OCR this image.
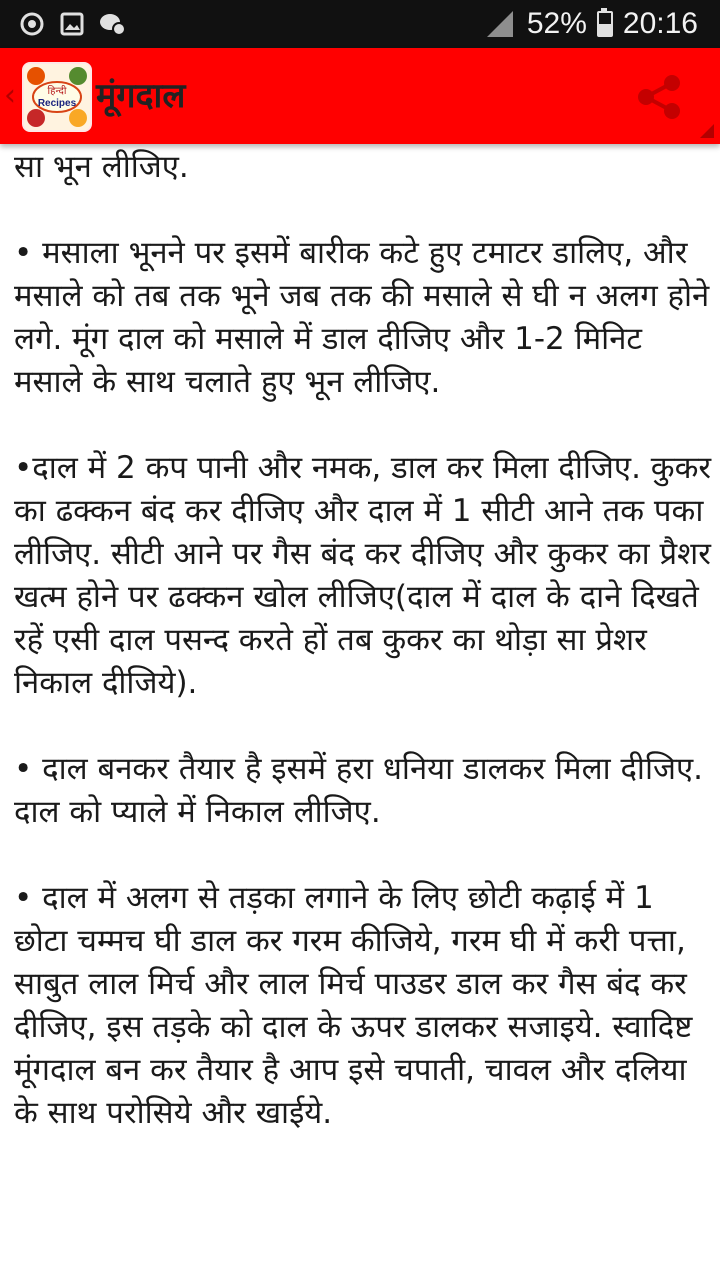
52% 20:16
‹	हिन्दी
Recipes मूंगदाल

सा भून लीजिए.

• मसाला भूनने पर इसमें बारीक कटे हुए टमाटर डालिए, और मसाले को तब तक भूने जब तक की मसाले से घी न अलग होने लगे. मूंग दाल को मसाले में डाल दीजिए और 1-2 मिनिट मसाले के साथ चलाते हुए भून लीजिए.

•दाल में 2 कप पानी और नमक, डाल कर मिला दीजिए. कुकर का ढक्कन बंद कर दीजिए और दाल में 1 सीटी आने तक पका लीजिए. सीटी आने पर गैस बंद कर दीजिए और कुकर का प्रैशर खत्म होने पर ढक्कन खोल लीजिए(दाल में दाल के दाने दिखते रहें एसी दाल पसन्द करते हों तब कुकर का थोड़ा सा प्रेशर निकाल दीजिये).

• दाल बनकर तैयार है इसमें हरा धनिया डालकर मिला दीजिए. दाल को प्याले में निकाल लीजिए.

• दाल में अलग से तड़का लगाने के लिए छोटी कढ़ाई में 1 छोटा चम्मच घी डाल कर गरम कीजिये, गरम घी में करी पत्ता, साबुत लाल मिर्च और लाल मिर्च पाउडर डाल कर गैस बंद कर दीजिए, इस तड़के को दाल के ऊपर डालकर सजाइये. स्वादिष्ट मूंगदाल बन कर तैयार है आप इसे चपाती, चावल और दलिया के साथ परोसिये और खाईये.
